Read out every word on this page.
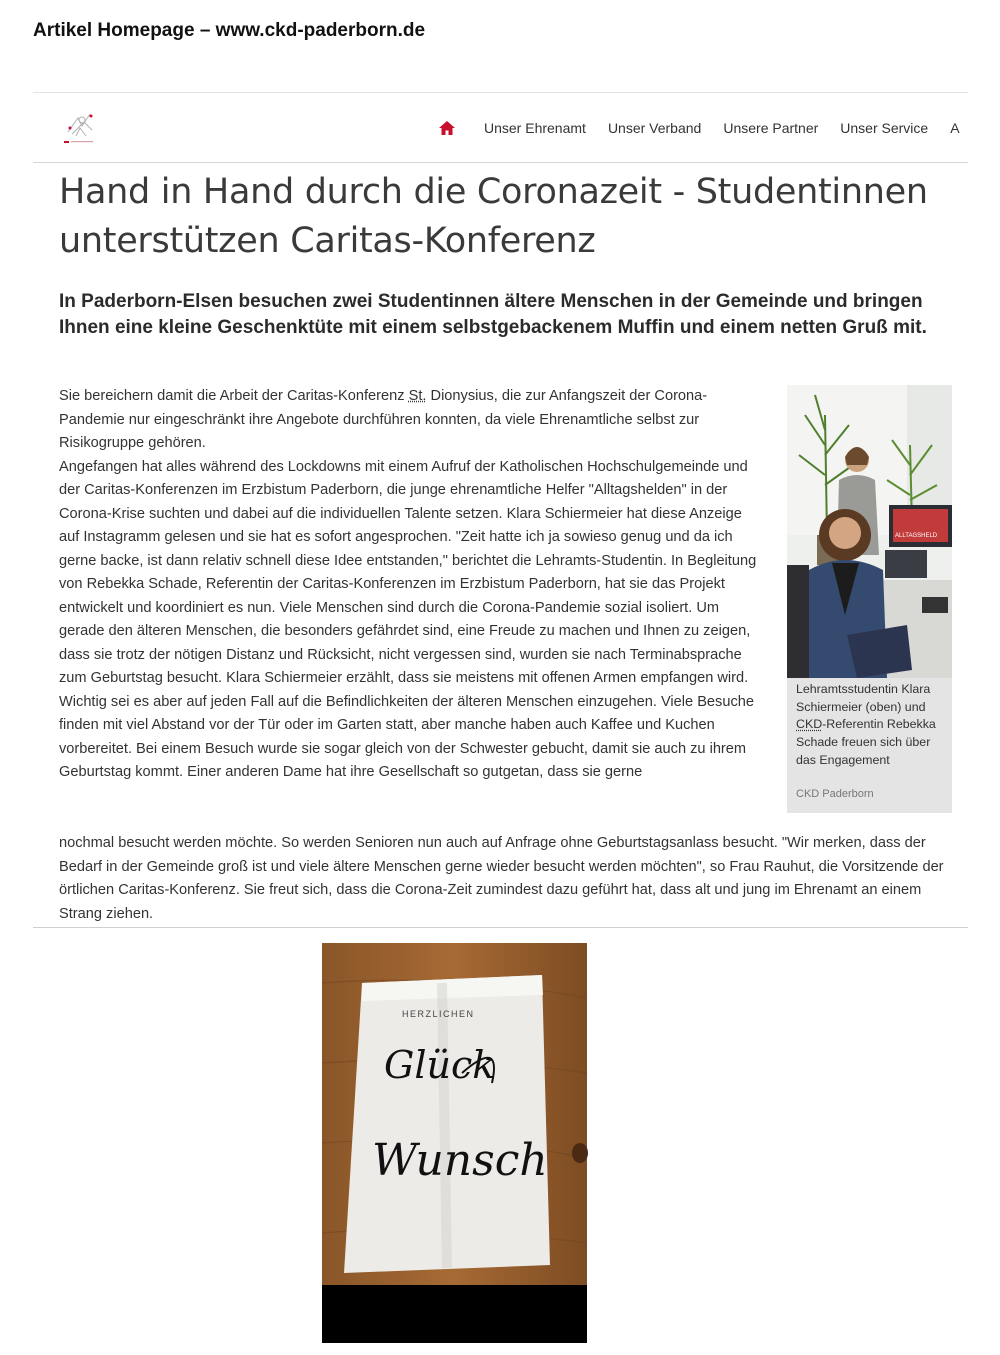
Artikel Homepage – www.ckd-paderborn.de
Unser Ehrenamt Unser Verband Unsere Partner Unser Service A
Hand in Hand durch die Coronazeit - Studentinnen
unterstützen Caritas-Konferenz

In Paderborn-Elsen besuchen zwei Studentinnen ältere Menschen in der Gemeinde und bringen Ihnen eine kleine Geschenktüte mit einem selbstgebackenem Muffin und einem netten Gruß mit.

Sie bereichern damit die Arbeit der Caritas-Konferenz St. Dionysius, die zur Anfangszeit der Corona-Pandemie nur eingeschränkt ihre Angebote durchführen konnten, da viele Ehrenamtliche selbst zur Risikogruppe gehören.

Angefangen hat alles während des Lockdowns mit einem Aufruf der Katholischen Hochschulgemeinde und der Caritas-Konferenzen im Erzbistum Paderborn, die junge ehrenamtliche Helfer "Alltagshelden" in der Corona-Krise suchten und dabei auf die individuellen Talente setzen. Klara Schiermeier hat diese Anzeige auf Instagramm gelesen und sie hat es sofort angesprochen. "Zeit hatte ich ja sowieso genug und da ich gerne backe, ist dann relativ schnell diese Idee entstanden," berichtet die Lehramts-Studentin. In Begleitung von Rebekka Schade, Referentin der Caritas-Konferenzen im Erzbistum Paderborn, hat sie das Projekt entwickelt und koordiniert es nun. Viele Menschen sind durch die Corona-Pandemie sozial isoliert. Um gerade den älteren Menschen, die besonders gefährdet sind, eine Freude zu machen und Ihnen zu zeigen, dass sie trotz der nötigen Distanz und Rücksicht, nicht vergessen sind, wurden sie nach Terminabsprache zum Geburtstag besucht. Klara Schiermeier erzählt, dass sie meistens mit offenen Armen empfangen wird. Wichtig sei es aber auf jeden Fall auf die Befindlichkeiten der älteren Menschen einzugehen. Viele Besuche finden mit viel Abstand vor der Tür oder im Garten statt, aber manche haben auch Kaffee und Kuchen vorbereitet. Bei einem Besuch wurde sie sogar gleich von der Schwester gebucht, damit sie auch zu ihrem Geburtstag kommt. Einer anderen Dame hat ihre Gesellschaft so gutgetan, dass sie gerne

nochmal besucht werden möchte. So werden Senioren nun auch auf Anfrage ohne Geburtstagsanlass besucht. "Wir merken, dass der Bedarf in der Gemeinde groß ist und viele ältere Menschen gerne wieder besucht werden möchten", so Frau Rauhut, die Vorsitzende der örtlichen Caritas-Konferenz. Sie freut sich, dass die Corona-Zeit zumindest dazu geführt hat, dass alt und jung im Ehrenamt an einem Strang ziehen.
ALLTAGSHELD
Lehramtsstudentin Klara Schiermeier (oben) und CKD-Referentin Rebekka Schade freuen sich über das Engagement
CKD Paderborn
HERZLICHEN
Glück
Wunsch
